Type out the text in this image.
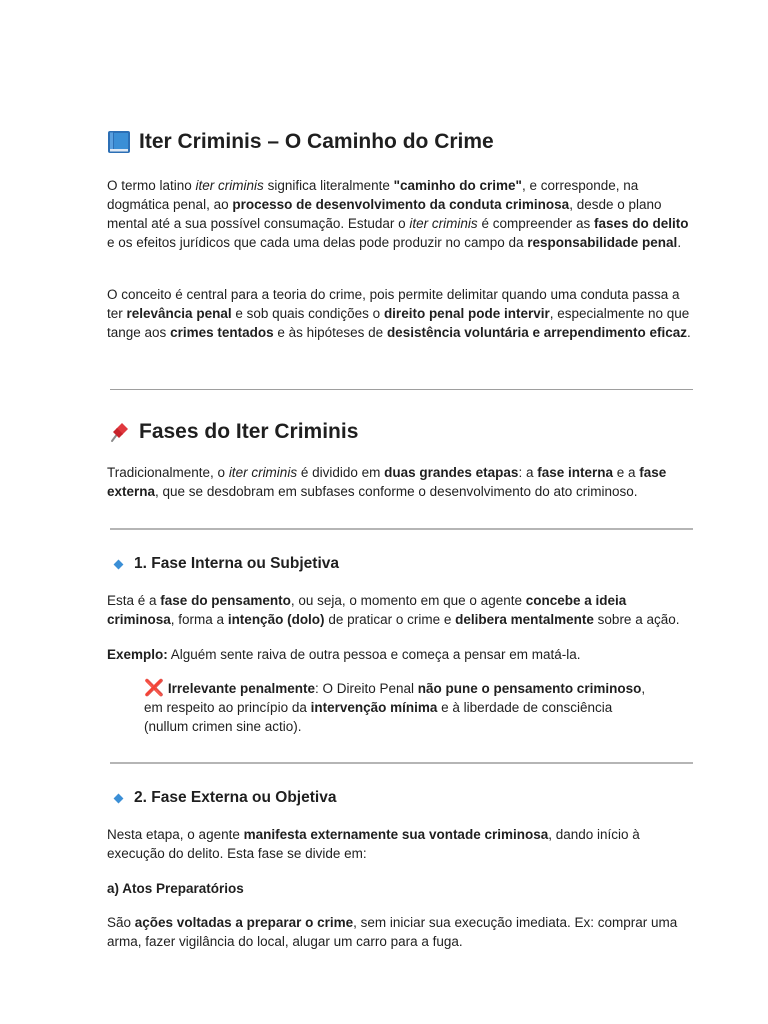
Iter Criminis – O Caminho do Crime

O termo latino iter criminis significa literalmente "caminho do crime", e corresponde, na dogmática penal, ao processo de desenvolvimento da conduta criminosa, desde o plano mental até a sua possível consumação. Estudar o iter criminis é compreender as fases do delito e os efeitos jurídicos que cada uma delas pode produzir no campo da responsabilidade penal.

O conceito é central para a teoria do crime, pois permite delimitar quando uma conduta passa a ter relevância penal e sob quais condições o direito penal pode intervir, especialmente no que tange aos crimes tentados e às hipóteses de desistência voluntária e arrependimento eficaz.

Fases do Iter Criminis

Tradicionalmente, o iter criminis é dividido em duas grandes etapas: a fase interna e a fase externa, que se desdobram em subfases conforme o desenvolvimento do ato criminoso.

1. Fase Interna ou Subjetiva

Esta é a fase do pensamento, ou seja, o momento em que o agente concebe a ideia criminosa, forma a intenção (dolo) de praticar o crime e delibera mentalmente sobre a ação.

Exemplo: Alguém sente raiva de outra pessoa e começa a pensar em matá-la.

❌ Irrelevante penalmente: O Direito Penal não pune o pensamento criminoso, em respeito ao princípio da intervenção mínima e à liberdade de consciência (nullum crimen sine actio).
2. Fase Externa ou Objetiva

Nesta etapa, o agente manifesta externamente sua vontade criminosa, dando início à execução do delito. Esta fase se divide em:

a) Atos Preparatórios

São ações voltadas a preparar o crime, sem iniciar sua execução imediata. Ex: comprar uma arma, fazer vigilância do local, alugar um carro para a fuga.
